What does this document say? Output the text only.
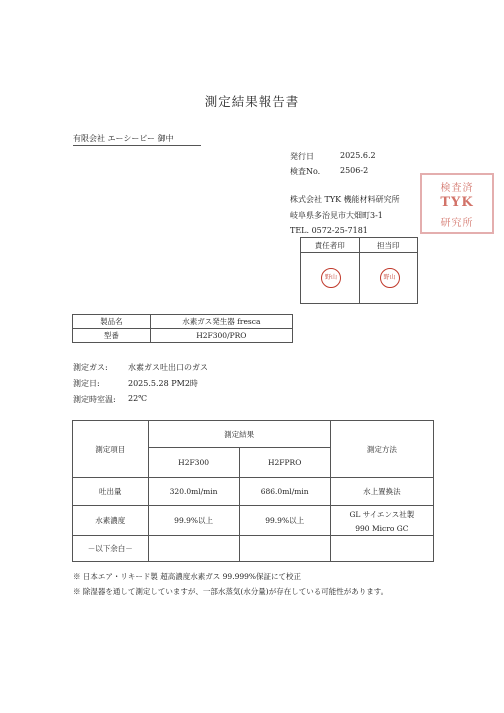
測定結果報告書
有限会社 エーシービー 御中
発行日	2025.6.2
検査No. 2506-2
株式会社 TYK 機能材料研究所
岐阜県多治見市大畑町3-1
TEL. 0572-25-7181
検査済
TYK
研究所
責任者印	担当印

野山	野山
製品名	水素ガス発生器 fresca
型番	H2F300/PRO
測定ガス:	水素ガス吐出口のガス
測定日:	2025.5.28 PM2時
測定時室温: 22℃
測定項目	測定結果		測定方法
	H2F300	H2FPRO	
吐出量	320.0ml/min	686.0ml/min	水上置換法
水素濃度	99.9%以上	99.9%以上	GL サイエンス社製
990 Micro GC

－以下余白－			
※ 日本エア・リキード製 超高濃度水素ガス 99.999%保証にて校正
※ 除湿器を通して測定していますが、一部水蒸気(水分量)が存在している可能性があります。
